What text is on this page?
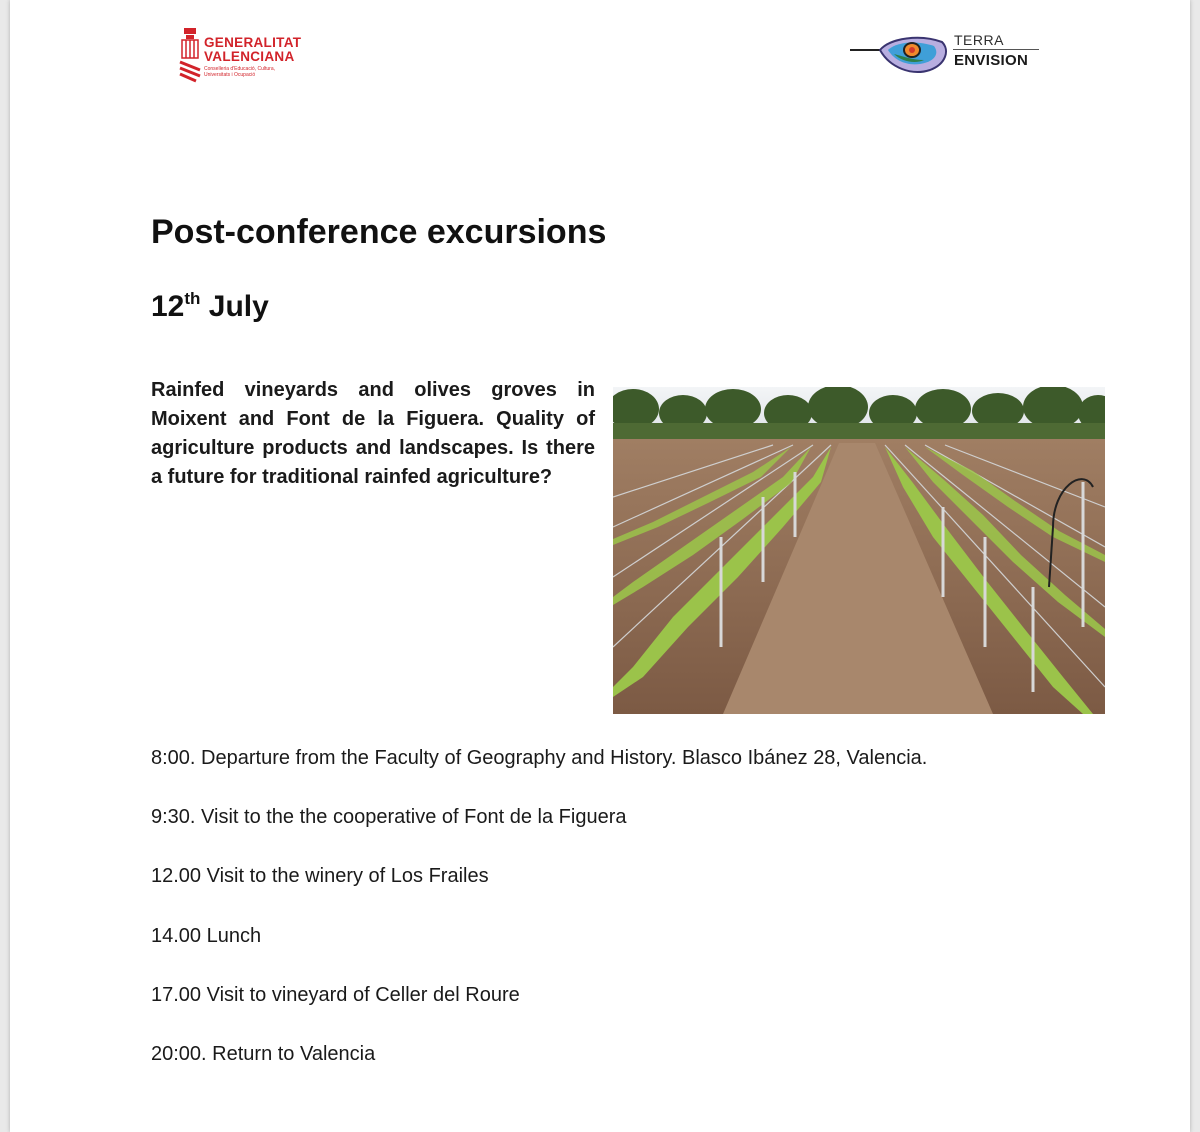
GENERALITAT
VALENCIANA
Conselleria d'Educació, Cultura,
Universitats i Ocupació
TERRA
ENVISION
Post-conference excursions
12th July

Rainfed vineyards and olives groves in Moixent and Font de la Figuera. Quality of agriculture products and landscapes. Is there a future for traditional rainfed agriculture?

8:00. Departure from the Faculty of Geography and History. Blasco Ibánez 28, Valencia.
9:30. Visit to the the cooperative of Font de la Figuera
12.00 Visit to the winery of Los Frailes
14.00 Lunch
17.00 Visit to vineyard of Celler del Roure
20:00. Return to Valencia
